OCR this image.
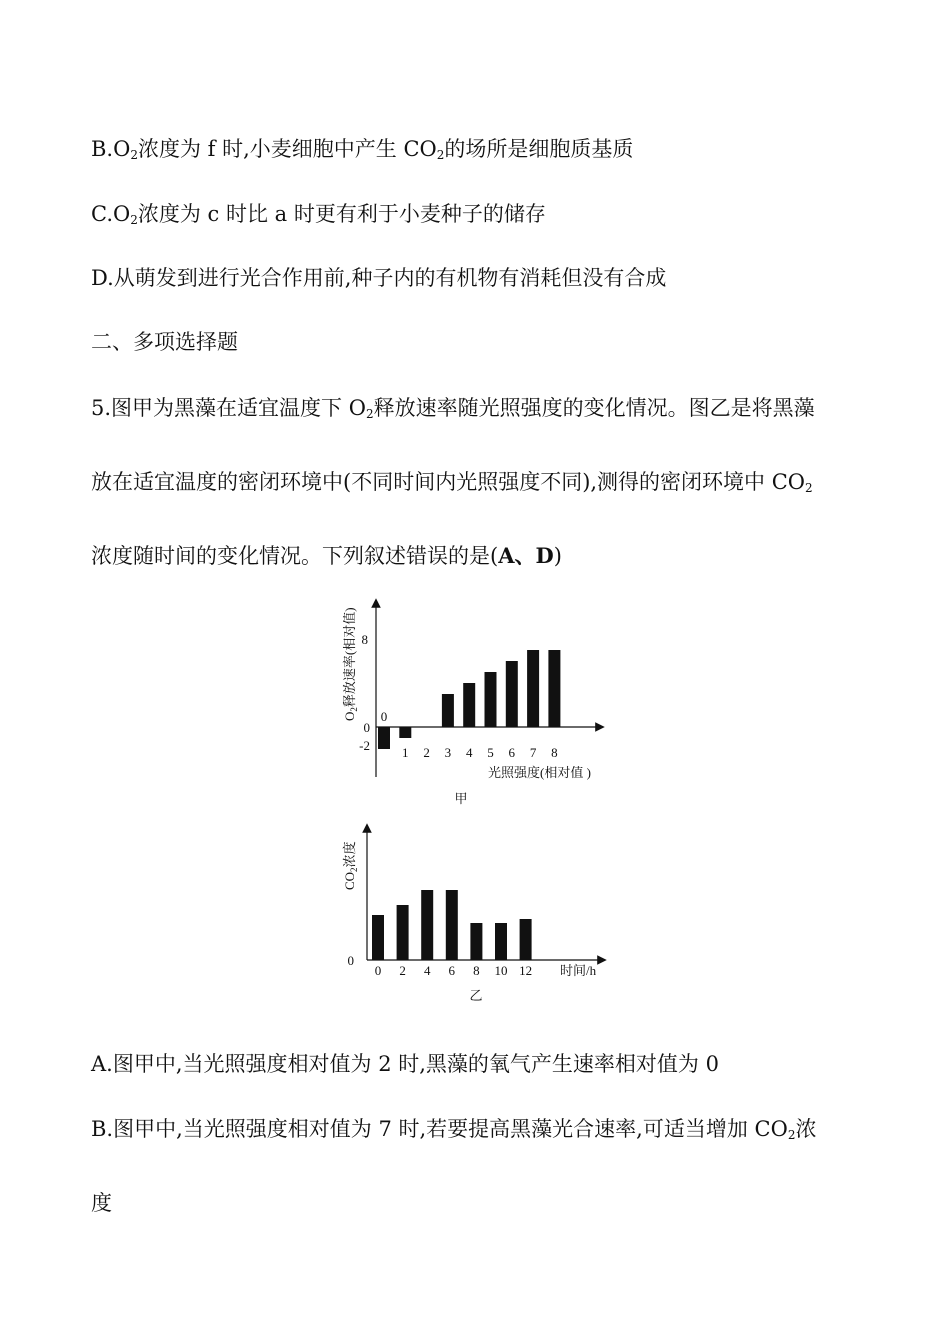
$B.O_2$浓度为 f 时,小麦细胞中产生 $CO_2$的场所是细胞质基质
$C.O_2$浓度为 c 时比 a 时更有利于小麦种子的储存
D.从萌发到进行光合作用前,种子内的有机物有消耗但没有合成
二、多项选择题
5.图甲为黑藻在适宜温度下 $O_2$释放速率随光照强度的变化情况。图乙是将黑藻
放在适宜温度的密闭环境中(不同时间内光照强度不同),测得的密闭环境中 $CO_2$
浓度随时间的变化情况。下列叙述错误的是(A、D)
$O_2$释放速率(相对值) 8
0
-2
0
1 2 3 4 5 6 7 8
光照强度(相对值 )
甲
$CO_2$浓度
0
0 2 4 6 8 10 12 时间/h
乙
A.图甲中,当光照强度相对值为 2 时,黑藻的氧气产生速率相对值为 0
B.图甲中,当光照强度相对值为 7 时,若要提高黑藻光合速率,可适当增加 $CO_2$浓
度
